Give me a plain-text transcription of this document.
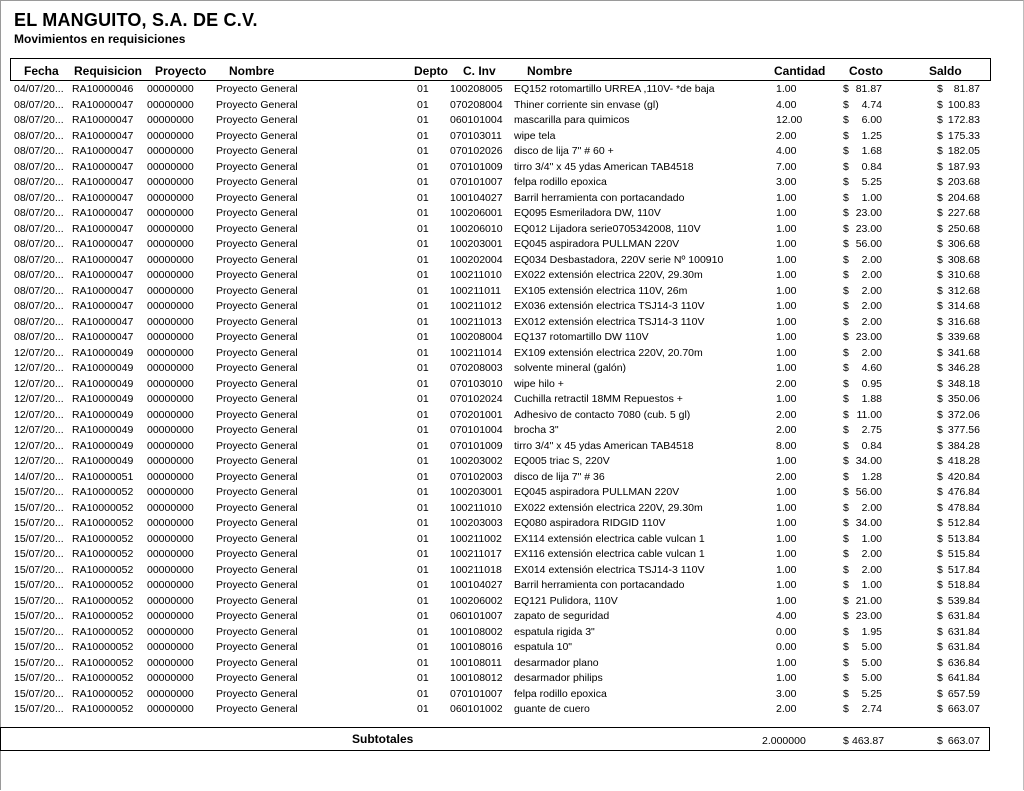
EL MANGUITO, S.A. DE C.V.
Movimientos en requisiciones
Fecha Requisicion Proyecto Nombre	Depto C. Inv	Nombre	Cantidad Costo	Saldo
04/07/20... RA10000046 00000000 Proyecto General	01 100208005 EQ152 rotomartillo URREA ,110V- *de baja	1.00	$ 81.87	$	81.87
08/07/20... RA10000047 00000000 Proyecto General	01 070208004 Thiner corriente sin envase (gl)	4.00	$	4.74	$ 100.83
08/07/20... RA10000047 00000000 Proyecto General	01 060101004 mascarilla para quimicos	12.00	$	6.00	$ 172.83
08/07/20... RA10000047 00000000 Proyecto General	01 070103011 wipe tela	2.00	$	1.25	$ 175.33
08/07/20... RA10000047 00000000 Proyecto General	01 070102026 disco de lija 7" # 60 +	4.00	$	1.68	$ 182.05
08/07/20... RA10000047 00000000 Proyecto General	01 070101009 tirro 3/4" x 45 ydas American TAB4518	7.00	$	0.84	$ 187.93
08/07/20... RA10000047 00000000 Proyecto General	01 070101007 felpa rodillo epoxica	3.00	$	5.25	$ 203.68
08/07/20... RA10000047 00000000 Proyecto General	01 100104027 Barril herramienta con portacandado	1.00	$	1.00	$ 204.68
08/07/20... RA10000047 00000000 Proyecto General	01 100206001 EQ095 Esmeriladora DW, 110V	1.00	$ 23.00	$ 227.68
08/07/20... RA10000047 00000000 Proyecto General	01 100206010 EQ012 Lijadora serie0705342008, 110V	1.00	$ 23.00	$ 250.68
08/07/20... RA10000047 00000000 Proyecto General	01 100203001 EQ045 aspiradora PULLMAN 220V	1.00	$ 56.00	$ 306.68
08/07/20... RA10000047 00000000 Proyecto General	01 100202004 EQ034 Desbastadora, 220V serie Nº 100910	1.00	$	2.00	$ 308.68
08/07/20... RA10000047 00000000 Proyecto General	01 100211010 EX022 extensión electrica 220V, 29.30m	1.00	$	2.00	$ 310.68
08/07/20... RA10000047 00000000 Proyecto General	01 100211011 EX105 extensión electrica 110V, 26m	1.00	$	2.00	$ 312.68
08/07/20... RA10000047 00000000 Proyecto General	01 100211012 EX036 extensión electrica TSJ14-3 110V	1.00	$	2.00	$ 314.68
08/07/20... RA10000047 00000000 Proyecto General	01 100211013 EX012 extensión electrica TSJ14-3 110V	1.00	$	2.00	$ 316.68
08/07/20... RA10000047 00000000 Proyecto General	01 100208004 EQ137 rotomartillo DW 110V	1.00	$ 23.00	$ 339.68
12/07/20... RA10000049 00000000 Proyecto General	01 100211014 EX109 extensión electrica 220V, 20.70m	1.00	$	2.00	$ 341.68
12/07/20... RA10000049 00000000 Proyecto General	01 070208003 solvente mineral (galón)	1.00	$	4.60	$ 346.28
12/07/20... RA10000049 00000000 Proyecto General	01 070103010 wipe hilo +	2.00	$	0.95	$ 348.18
12/07/20... RA10000049 00000000 Proyecto General	01 070102024 Cuchilla retractil 18MM Repuestos +	1.00	$	1.88	$ 350.06
12/07/20... RA10000049 00000000 Proyecto General	01 070201001 Adhesivo de contacto 7080 (cub. 5 gl)	2.00	$ 11.00	$ 372.06
12/07/20... RA10000049 00000000 Proyecto General	01 070101004 brocha 3"	2.00	$	2.75	$ 377.56
12/07/20... RA10000049 00000000 Proyecto General	01 070101009 tirro 3/4" x 45 ydas American TAB4518	8.00	$	0.84	$ 384.28
12/07/20... RA10000049 00000000 Proyecto General	01 100203002 EQ005 triac S, 220V	1.00	$ 34.00	$ 418.28
14/07/20... RA10000051 00000000 Proyecto General	01 070102003 disco de lija 7" # 36	2.00	$	1.28	$ 420.84
15/07/20... RA10000052 00000000 Proyecto General	01 100203001 EQ045 aspiradora PULLMAN 220V	1.00	$ 56.00	$ 476.84
15/07/20... RA10000052 00000000 Proyecto General	01 100211010 EX022 extensión electrica 220V, 29.30m	1.00	$	2.00	$ 478.84
15/07/20... RA10000052 00000000 Proyecto General	01 100203003 EQ080 aspiradora RIDGID 110V	1.00	$ 34.00	$ 512.84
15/07/20... RA10000052 00000000 Proyecto General	01 100211002 EX114 extensión electrica cable vulcan 1	1.00	$	1.00	$ 513.84
15/07/20... RA10000052 00000000 Proyecto General	01 100211017 EX116 extensión electrica cable vulcan 1	1.00	$	2.00	$ 515.84
15/07/20... RA10000052 00000000 Proyecto General	01 100211018 EX014 extensión electrica TSJ14-3 110V	1.00	$	2.00	$ 517.84
15/07/20... RA10000052 00000000 Proyecto General	01 100104027 Barril herramienta con portacandado	1.00	$	1.00	$ 518.84
15/07/20... RA10000052 00000000 Proyecto General	01 100206002 EQ121 Pulidora, 110V	1.00	$ 21.00	$ 539.84
15/07/20... RA10000052 00000000 Proyecto General	01 060101007 zapato de seguridad	4.00	$ 23.00	$ 631.84
15/07/20... RA10000052 00000000 Proyecto General	01 100108002 espatula rigida 3"	0.00	$	1.95	$ 631.84
15/07/20... RA10000052 00000000 Proyecto General	01 100108016 espatula 10"	0.00	$	5.00	$ 631.84
15/07/20... RA10000052 00000000 Proyecto General	01 100108011 desarmador plano	1.00	$	5.00	$ 636.84
15/07/20... RA10000052 00000000 Proyecto General	01 100108012 desarmador philips	1.00	$	5.00	$ 641.84
15/07/20... RA10000052 00000000 Proyecto General	01 070101007 felpa rodillo epoxica	3.00	$	5.25	$ 657.59
15/07/20... RA10000052 00000000 Proyecto General	01 060101002 guante de cuero	2.00	$	2.74	$ 663.07
Subtotales	2.000000	$ 463.87	$ 663.07
